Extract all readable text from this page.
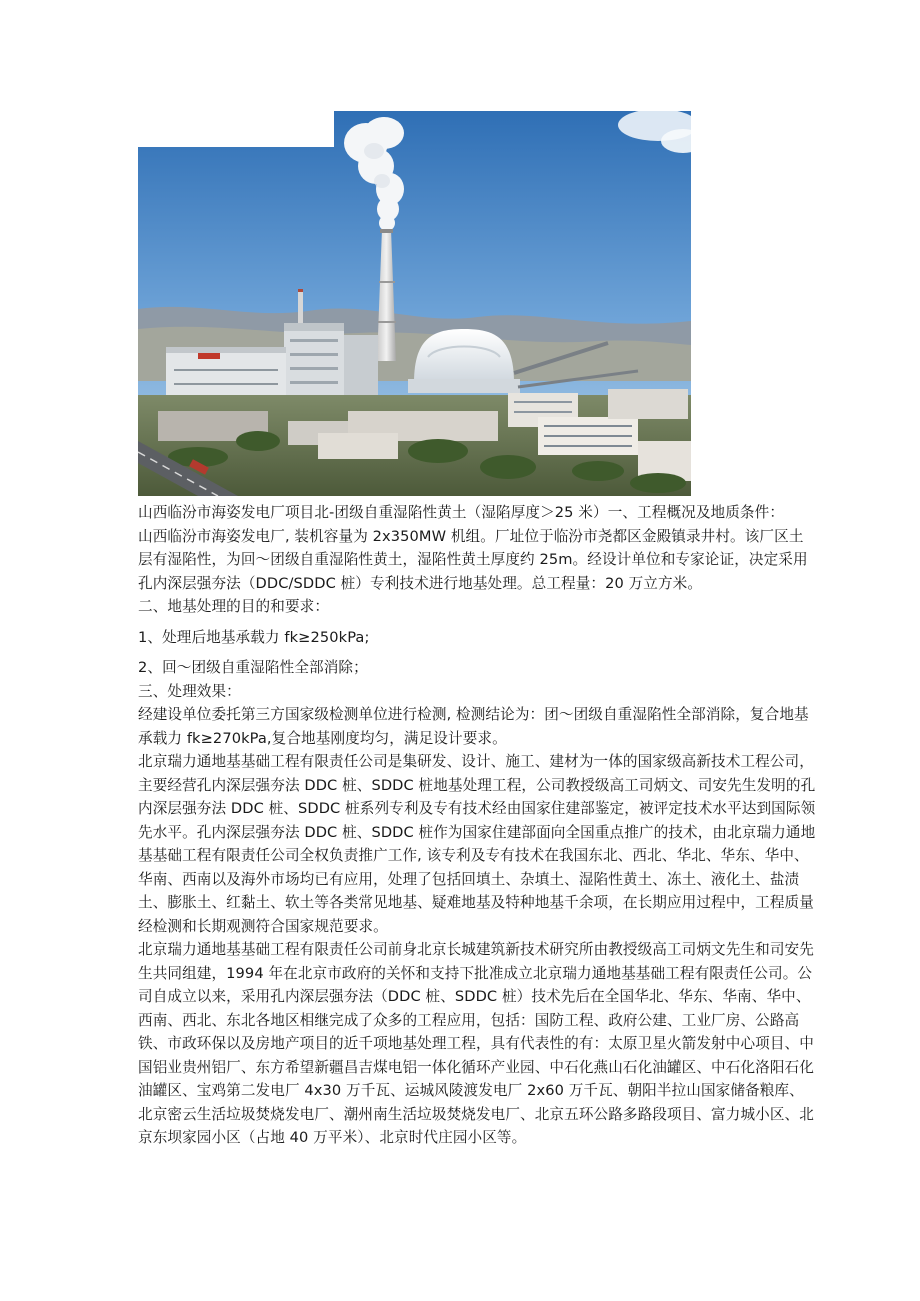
山西临汾市海姿发电厂项目北-团级自重湿陷性黄土（湿陷厚度＞25 米）一、工程概况及地质条件：

山西临汾市海姿发电厂, 装机容量为 2x350MW 机组。厂址位于临汾市尧都区金殿镇录井村。该厂区土层有湿陷性，为回～团级自重湿陷性黄土，湿陷性黄土厚度约 25m。经设计单位和专家论证，决定采用孔内深层强夯法（DDC/SDDC 桩）专利技术进行地基处理。总工程量：20 万立方米。

二、地基处理的目的和要求：

1、处理后地基承载力 fk≥250kPa;

2、回～团级自重湿陷性全部消除；

三、处理效果：

经建设单位委托第三方国家级检测单位进行检测, 检测结论为：团～团级自重湿陷性全部消除，复合地基承载力 fk≥270kPa,复合地基刚度均匀，满足设计要求。

北京瑞力通地基基础工程有限责任公司是集研发、设计、施工、建材为一体的国家级高新技术工程公司，主要经营孔内深层强夯法 DDC 桩、SDDC 桩地基处理工程，公司教授级高工司炳文、司安先生发明的孔内深层强夯法 DDC 桩、SDDC 桩系列专利及专有技术经由国家住建部鉴定，被评定技术水平达到国际领先水平。孔内深层强夯法 DDC 桩、SDDC 桩作为国家住建部面向全国重点推广的技术，由北京瑞力通地基基础工程有限责任公司全权负责推广工作, 该专利及专有技术在我国东北、西北、华北、华东、华中、华南、西南以及海外市场均已有应用，处理了包括回填土、杂填土、湿陷性黄土、冻土、液化土、盐渍土、膨胀土、红黏土、软土等各类常见地基、疑难地基及特种地基千余项，在长期应用过程中，工程质量经检测和长期观测符合国家规范要求。

北京瑞力通地基基础工程有限责任公司前身北京长城建筑新技术研究所由教授级高工司炳文先生和司安先生共同组建，1994 年在北京市政府的关怀和支持下批准成立北京瑞力通地基基础工程有限责任公司。公司自成立以来，采用孔内深层强夯法（DDC 桩、SDDC 桩）技术先后在全国华北、华东、华南、华中、西南、西北、东北各地区相继完成了众多的工程应用，包括：国防工程、政府公建、工业厂房、公路高铁、市政环保以及房地产项目的近千项地基处理工程，具有代表性的有：太原卫星火箭发射中心项目、中国铝业贵州铝厂、东方希望新疆昌吉煤电铝一体化循环产业园、中石化燕山石化油罐区、中石化洛阳石化油罐区、宝鸡第二发电厂 4x30 万千瓦、运城风陵渡发电厂 2x60 万千瓦、朝阳半拉山国家储备粮库、北京密云生活垃圾焚烧发电厂、潮州南生活垃圾焚烧发电厂、北京五环公路多路段项目、富力城小区、北京东坝家园小区（占地 40 万平米）、北京时代庄园小区等。
